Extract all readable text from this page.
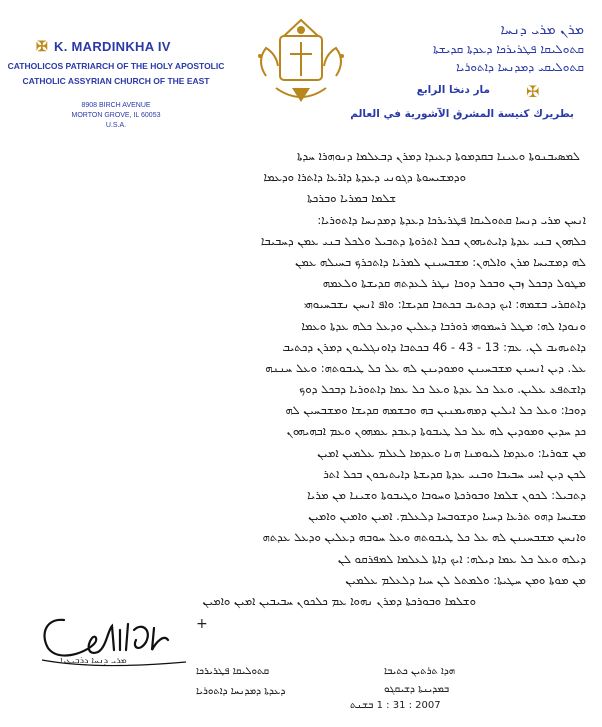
✠ K. MARDINKHA IV
CATHOLICOS PATRIARCH OF THE HOLY APOSTOLIC
CATHOLIC ASSYRIAN CHURCH OF THE EAST
8908 BIRCH AVENUE
MORTON GROVE, IL 60053
U.S.A.
ܡܪܢ ܡܪܝ ܕܢܚܐ
ܩܬܘܠܝܩܐ ܦܛܪܝܪܟܐ ܕܥܕܬܐ ܩܕܝܫܬܐ
ܩܬܘܠܝܩܝ ܕܡܕܢܚܐ ܕܐܬܘܪܝܐ
✠
مار دنخا الرابع
بطريرك كنيسة المشرق الآشورية في العالم
ܠܡܣܝܒܢܘܬܐ ܘܥܝܢܐ ܒܩܕܡܘܬܐ ܕܥܝܕܐ ܕܡܪܢ ܕܒܥܠܡܐ ܕܢܘܗܪܐ ܚܕܬܐ
ܘܕܡܫܝܚܘܬܐ ܕܓܘܢܝ ܕܥܕܬܐ ܕܐܪܥܐ ܕܐܬܪܐ ܘܕܥܡܐ
ܫܠܡܐ ܒܡܪܝܐ ܘܒܪܟܬܐ
ܐܢܚܢ ܡܪܝ ܕܢܚܐ ܩܬܘܠܝܩܐ ܦܛܪܝܪܟܐ ܕܥܕܬܐ ܕܡܕܢܚܐ ܕܐܬܘܪܝܐ:
ܟܠܗܘܢ ܒܢܝ ܥܕܬܐ ܕܐܝܬܝܗܘܢ ܒܟܠ ܐܬܪܘܬܐ ܕܬܒܝܠ ܘܠܟܠ ܒܢܝ ܥܡܢ ܕܚܒܝܒܐ
ܠܗ ܕܡܫܝܚܐ ܡܪܢ ܘܐܠܗܢ: ܡܫܒܚܝܢܢ ܠܡܪܝܐ ܕܐܬܟܪܟ ܒܚܝܠܗ ܥܡܢ
ܡܛܘܠ ܕܒܟܠ ܙܒܢ ܘܒܟܠ ܕܘܟܐ ܢܛܪ ܠܥܕܬܗ ܩܕܝܫܬܐ ܘܠܥܡܗ
ܕܐܬܩܪܝ ܒܫܡܗ: ܐܝܟ ܕܟܬܝܒ ܒܟܬܒܐ ܩܕܝܫܐ: ܘܐܦ ܐܢܚܢ ܢܫܒܚܝܘܗܝ
ܘܢܘܕܐ ܠܗ: ܡܛܠ ܪܚܡܘܗܝ ܪܘܪܒܐ ܕܥܠܝܢ ܘܕܥܠ ܟܠܗ ܥܕܬܐ ܘܥܡܐ
ܕܐܬܝܗܝܒ ܠܢ. ܥܡ: 13 - 43 - 46 ܒܟܬܒܐ ܕܐܘܢܓܠܝܘܢ ܕܡܪܢ ܕܟܬܝܒ
ܥܠ. ܕܝܢ ܐܢܚܢܢ ܡܫܒܚܝܢܢ ܘܡܘܕܝܢܢ ܠܗ ܥܠ ܟܠ ܛܝܒܘܬܗ: ܘܥܠ ܚܢܢܗ
ܕܐܫܬܦܥ ܥܠܝܢ. ܘܥܠ ܟܠ ܥܕܬܐ ܘܥܠ ܟܠ ܥܡܐ ܕܐܬܘܪܝܐ ܕܒܟܠ ܕܘܟ
ܕܘܟܐ: ܘܥܠ ܟܠ ܐܝܠܝܢ ܕܡܗܝܡܢܝܢ ܒܗ ܘܒܫܡܗ ܩܕܝܫܐ ܘܡܫܒܚܝܢ ܠܗ
ܟܕ ܚܕܝܢ ܘܡܘܕܝܢ ܠܗ ܥܠ ܟܠ ܛܝܒܘܬܐ ܕܥܒܕ ܥܡܗܘܢ ܘܥܡ ܐܒܗܝܗܘܢ
ܡܢ ܫܘܪܝܐ: ܘܥܕܡܐ ܠܝܘܡܢܐ ܗܢܐ ܘܥܕܡܐ ܠܥܠܡ ܥܠܡܝܢ ܐܡܝܢ
ܠܟܢ ܕܝܢ ܐܚܝ ܚܒܝܒܐ ܘܒܢܝ ܥܕܬܐ ܩܕܝܫܬܐ ܕܐܝܬܝܟܘܢ ܒܟܠ ܐܬܪ
ܕܬܒܝܠ: ܠܟܘܢ ܫܠܡܐ ܘܒܘܪܟܬܐ ܘܚܘܒܐ ܘܛܝܒܘܬܐ ܘܫܝܢܐ ܡܢ ܡܪܝܐ
ܡܫܝܚܐ ܕܗܘ ܬܪܥܐ ܕܚܝܐ ܘܕܫܘܒܚܐ ܕܠܥܠܡ. ܐܡܝܢ ܘܐܡܝܢ ܘܐܡܝܢ
ܘܐܢܚܢ ܡܫܒܚܝܢܢ ܠܗ ܥܠ ܟܠ ܛܝܒܘܬܗ ܘܥܠ ܚܘܒܗ ܕܥܠܝܢ ܘܕܥܠ ܥܕܬܗ
ܕܝܠܗ ܘܥܠ ܟܠ ܥܡܐ ܕܝܠܗ: ܐܝܟ ܕܐܬܐ ܠܥܠܡܐ ܠܡܦܪܩܘ ܠܢ
ܡܢ ܡܘܬܐ ܘܡܢ ܚܛܝܬܐ: ܘܠܡܬܠ ܠܢ ܚܝܐ ܕܠܥܠܡ ܥܠܡܝܢ
ܘܫܠܡܐ ܘܒܘܪܟܬܐ ܕܡܪܢ ܢܗܘܐ ܥܡ ܟܠܟܘܢ ܚܒܝܒܝܢ ܐܡܝܢ ܘܐܡܝܢ
+
ܡܪܝ ܕܢܚܐ ܕܪܒܝܥܝܐ
ܩܬܘܠܝܩܐ ܦܛܪܝܪܟܐ
ܕܥܕܬܐ ܕܡܕܢܚܐ ܕܐܬܘܪܝܐ
ܗܕܐ ܬܪܬܝܢ ܟܬܝܒܐ
ܒܡܕܝܢܬܐ ܕܫܝܩܓܘ
2007 : 31 : 1 ܒܫܢܬ
